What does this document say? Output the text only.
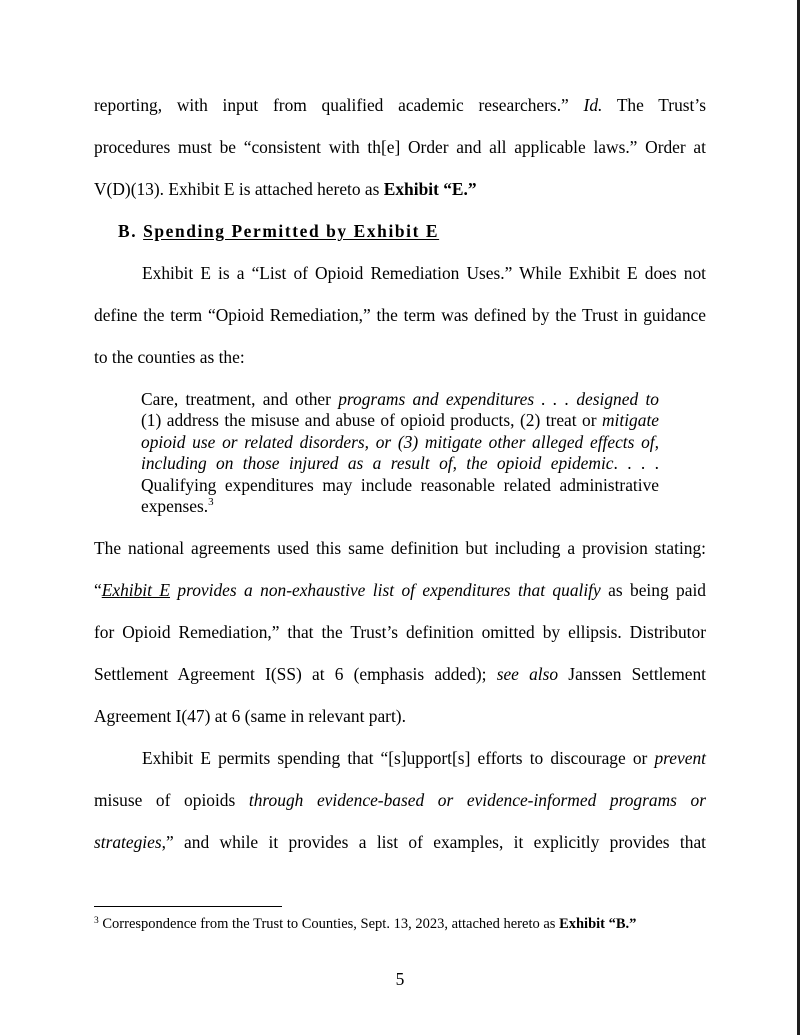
reporting, with input from qualified academic researchers.” Id. The Trust’s
procedures must be “consistent with th[e] Order and all applicable laws.” Order at
V(D)(13). Exhibit E is attached hereto as Exhibit “E.”
B. Spending Permitted by Exhibit E
Exhibit E is a “List of Opioid Remediation Uses.” While Exhibit E does not
define the term “Opioid Remediation,” the term was defined by the Trust in guidance
to the counties as the:
Care, treatment, and other programs and expenditures . . . designed to
(1) address the misuse and abuse of opioid products, (2) treat or mitigate
opioid use or related disorders, or (3) mitigate other alleged effects of,
including on those injured as a result of, the opioid epidemic. . . .
Qualifying expenditures may include reasonable related administrative
expenses.$^3$
The national agreements used this same definition but including a provision stating:
“Exhibit E provides a non-exhaustive list of expenditures that qualify as being paid
for Opioid Remediation,” that the Trust’s definition omitted by ellipsis. Distributor
Settlement Agreement I(SS) at 6 (emphasis added); see also Janssen Settlement
Agreement I(47) at 6 (same in relevant part).
Exhibit E permits spending that “[s]upport[s] efforts to discourage or prevent
misuse of opioids through evidence-based or evidence-informed programs or
strategies,” and while it provides a list of examples, it explicitly provides that
$^3$ Correspondence from the Trust to Counties, Sept. 13, 2023, attached hereto as Exhibit “B.”
5
